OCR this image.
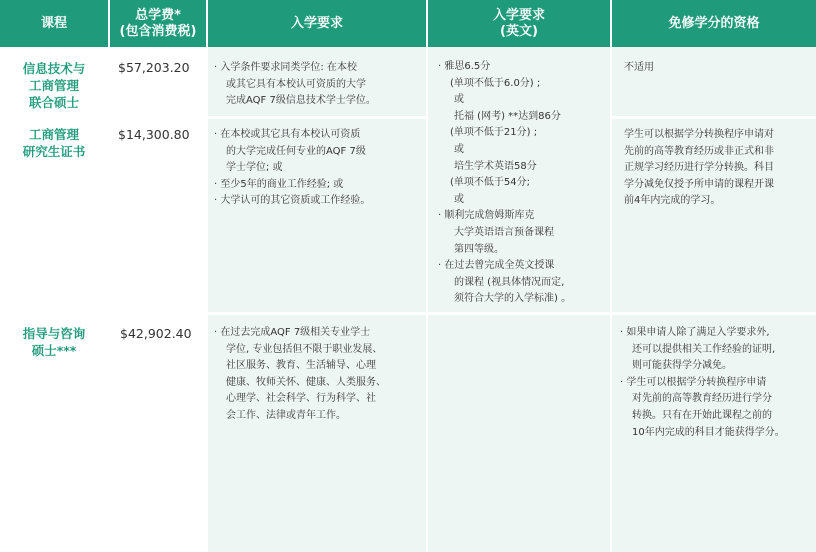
课程
总学费*
(包含消费税)
入学要求
入学要求
(英文)
免修学分的资格
信息技术与
工商管理
联合硕士
$57,203.20 · 入学条件要求同类学位: 在本校
或其它具有本校认可资质的大学
完成AQF 7级信息技术学士学位。
不适用
· 雅思6.5分
(单项不低于6.0分) ;
或
托福 (网考) **达到86分
(单项不低于21分) ;
或
培生学术英语58分
(单项不低于54分;
或
· 顺利完成詹姆斯库克
大学英语语言预备课程
第四等级。
· 在过去曾完成全英文授课
的课程 (视具体情况而定,
须符合大学的入学标准) 。
工商管理
研究生证书
$14,300.80 · 在本校或其它具有本校认可资质
的大学完成任何专业的AQF 7级
学士学位; 或
· 至少5年的商业工作经验; 或
· 大学认可的其它资质或工作经验。
学生可以根据学分转换程序申请对
先前的高等教育经历或非正式和非
正规学习经历进行学分转换。科目
学分减免仅授予所申请的课程开课
前4年内完成的学习。
指导与咨询
硕士***
$42,902.40 · 在过去完成AQF 7级相关专业学士
学位, 专业包括但不限于职业发展、
社区服务、教育、生活辅导、心理
健康、牧师关怀、健康、人类服务、
心理学、社会科学、行为科学、社
会工作、法律或青年工作。
· 如果申请人除了满足入学要求外,
还可以提供相关工作经验的证明,
则可能获得学分减免。
· 学生可以根据学分转换程序申请
对先前的高等教育经历进行学分
转换。只有在开始此课程之前的
10年内完成的科目才能获得学分。
